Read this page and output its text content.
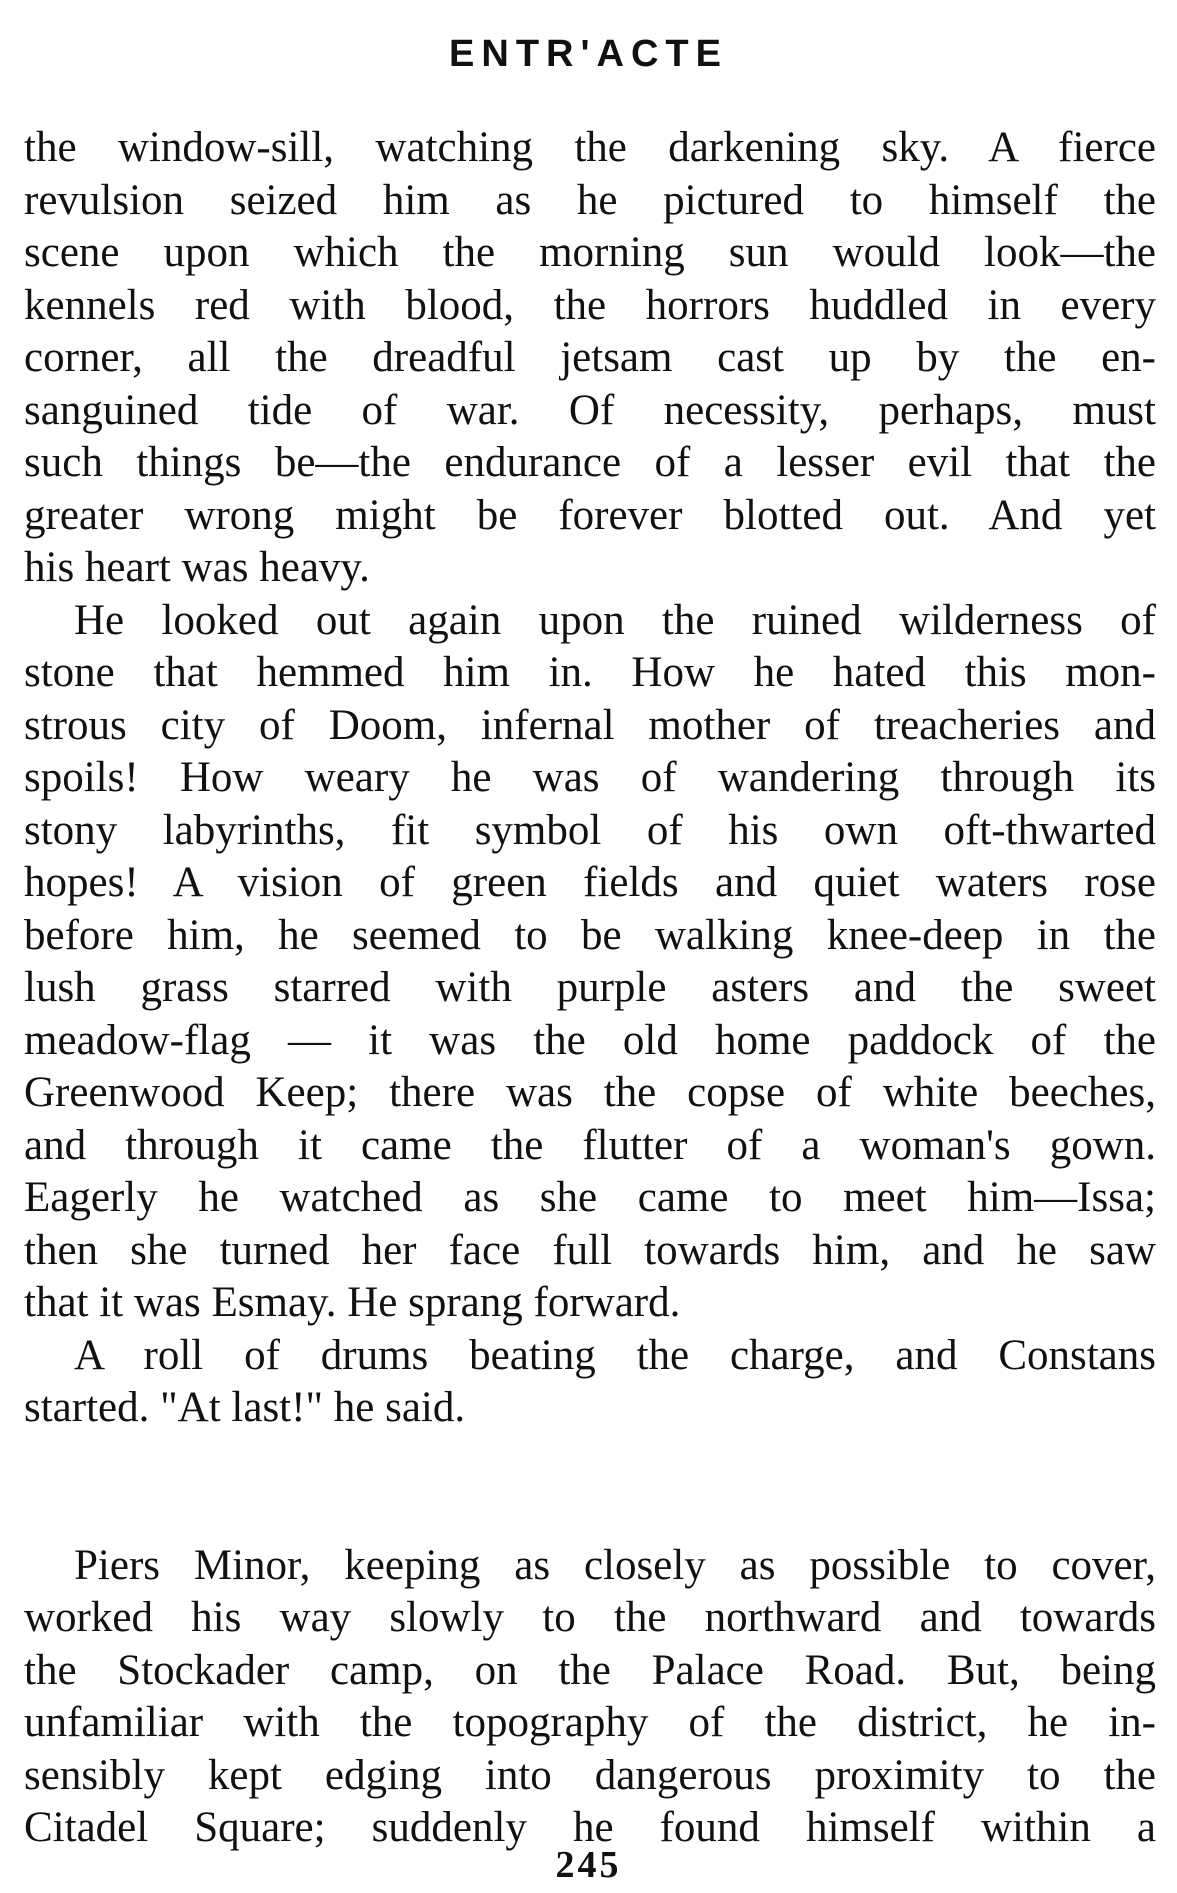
ENTR'ACTE
the window-sill, watching the darkening sky. A fierce
revulsion seized him as he pictured to himself the
scene upon which the morning sun would look—the
kennels red with blood, the horrors huddled in every
corner, all the dreadful jetsam cast up by the en-
sanguined tide of war. Of necessity, perhaps, must
such things be—the endurance of a lesser evil that the
greater wrong might be forever blotted out. And yet
his heart was heavy.
He looked out again upon the ruined wilderness of
stone that hemmed him in. How he hated this mon-
strous city of Doom, infernal mother of treacheries and
spoils! How weary he was of wandering through its
stony labyrinths, fit symbol of his own oft-thwarted
hopes! A vision of green fields and quiet waters rose
before him, he seemed to be walking knee-deep in the
lush grass starred with purple asters and the sweet
meadow-flag — it was the old home paddock of the
Greenwood Keep; there was the copse of white beeches,
and through it came the flutter of a woman's gown.
Eagerly he watched as she came to meet him—Issa;
then she turned her face full towards him, and he saw
that it was Esmay. He sprang forward.
A roll of drums beating the charge, and Constans
started. "At last!" he said.
Piers Minor, keeping as closely as possible to cover,
worked his way slowly to the northward and towards
the Stockader camp, on the Palace Road. But, being
unfamiliar with the topography of the district, he in-
sensibly kept edging into dangerous proximity to the
Citadel Square; suddenly he found himself within a
245
